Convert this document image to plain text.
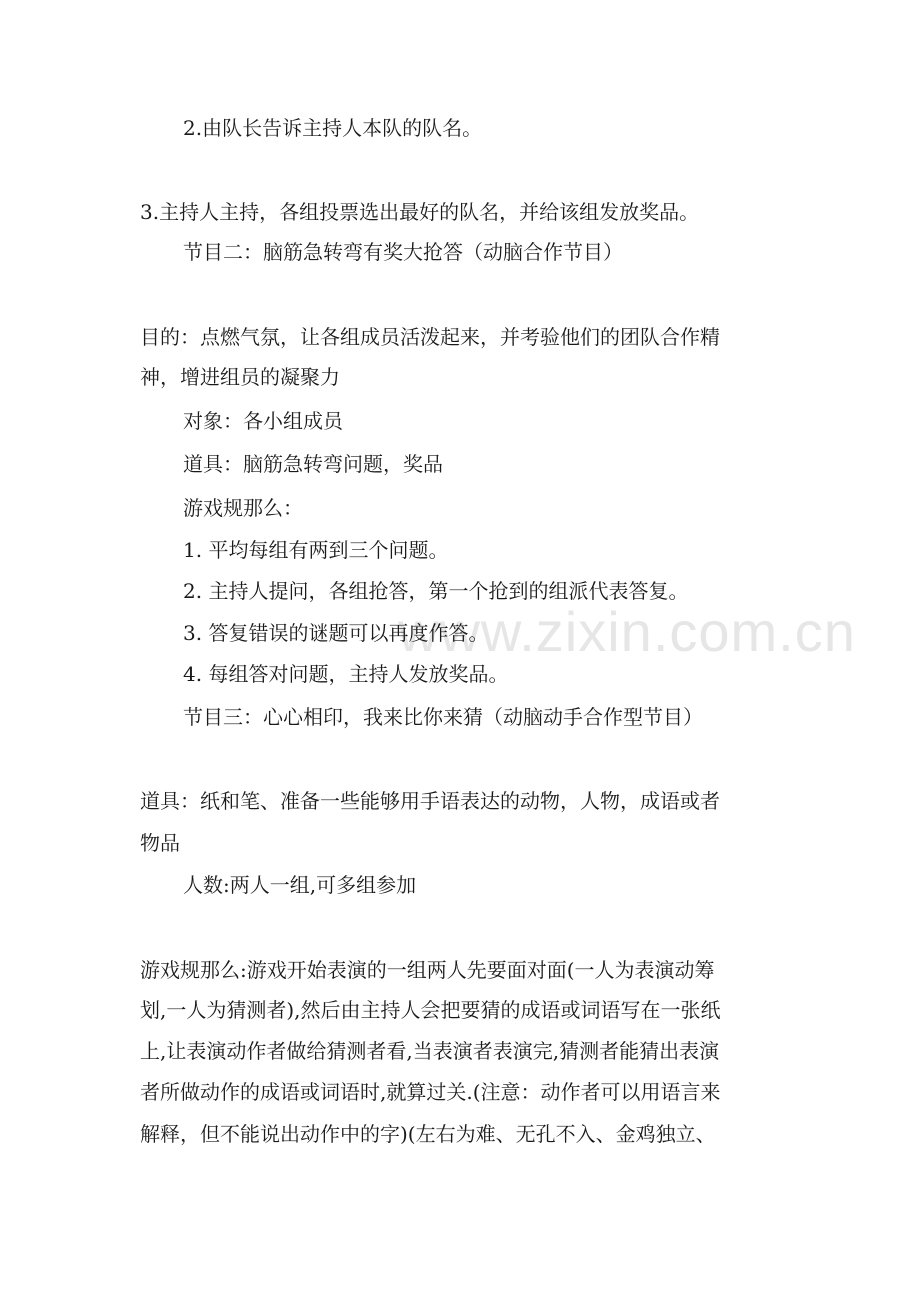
www.zixin.com.cn
2.由队长告诉主持人本队的队名。
3.主持人主持，各组投票选出最好的队名，并给该组发放奖品。
节目二：脑筋急转弯有奖大抢答（动脑合作节目）
目的：点燃气氛，让各组成员活泼起来，并考验他们的团队合作精
神，增进组员的凝聚力
对象：各小组成员
道具：脑筋急转弯问题，奖品
游戏规那么：
1. 平均每组有两到三个问题。
2. 主持人提问，各组抢答，第一个抢到的组派代表答复。
3. 答复错误的谜题可以再度作答。
4. 每组答对问题，主持人发放奖品。
节目三：心心相印，我来比你来猜（动脑动手合作型节目）
道具：纸和笔、准备一些能够用手语表达的动物，人物，成语或者
物品
人数:两人一组,可多组参加
游戏规那么:游戏开始表演的一组两人先要面对面(一人为表演动筹
划,一人为猜测者),然后由主持人会把要猜的成语或词语写在一张纸
上,让表演动作者做给猜测者看,当表演者表演完,猜测者能猜出表演
者所做动作的成语或词语时,就算过关.(注意：动作者可以用语言来
解释，但不能说出动作中的字)(左右为难、无孔不入、金鸡独立、
